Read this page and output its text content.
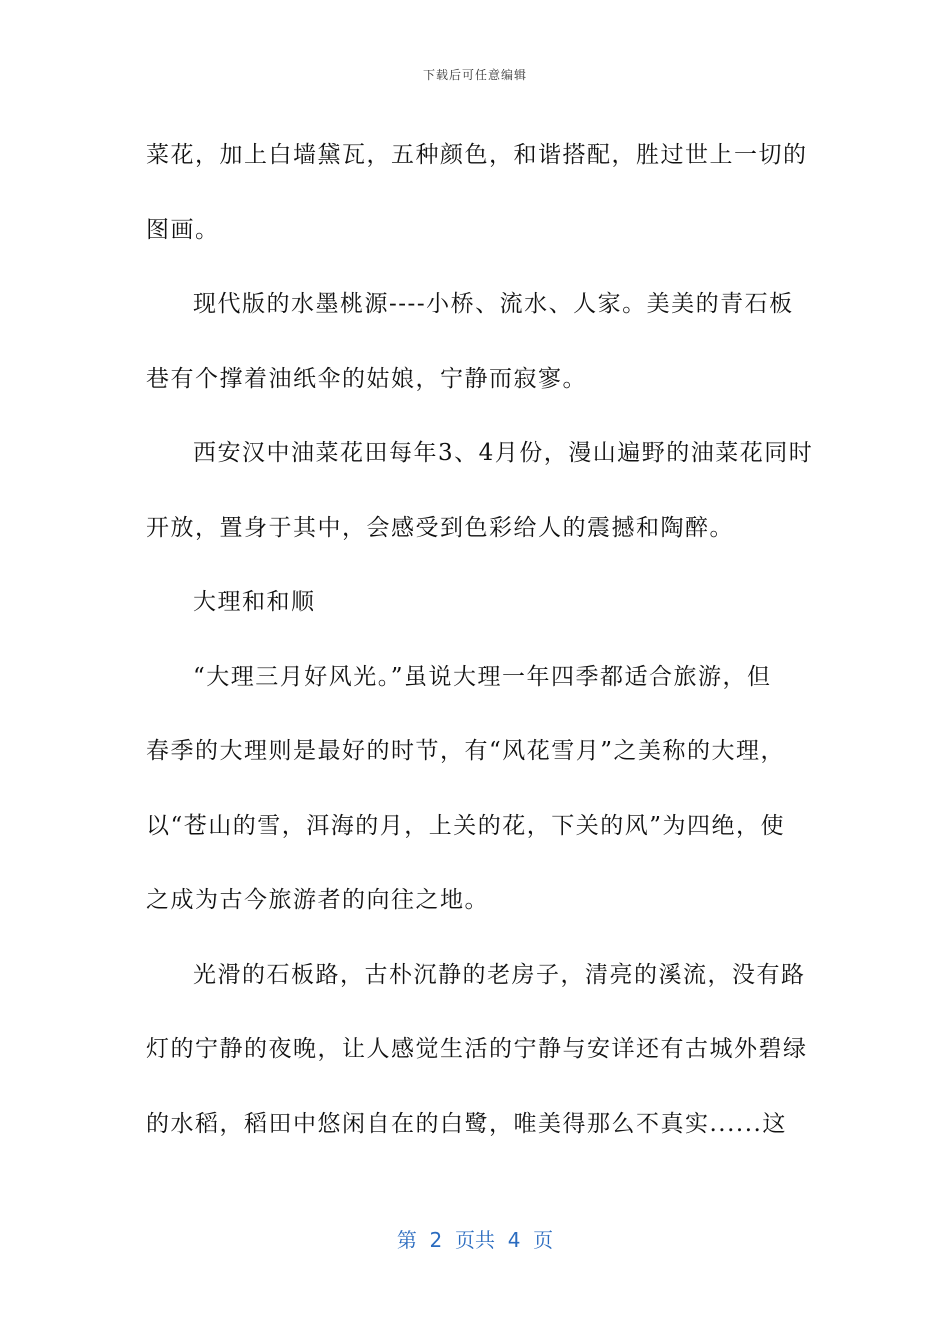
下载后可任意编辑
菜花，加上白墙黛瓦，五种颜色，和谐搭配，胜过世上一切的
图画。
现代版的水墨桃源----小桥、流水、人家。美美的青石板
巷有个撑着油纸伞的姑娘，宁静而寂寥。
西安汉中油菜花田每年3、4月份，漫山遍野的油菜花同时
开放，置身于其中，会感受到色彩给人的震撼和陶醉。
大理和和顺
“大理三月好风光。”虽说大理一年四季都适合旅游，但
春季的大理则是最好的时节，有“风花雪月”之美称的大理，
以“苍山的雪，洱海的月，上关的花，下关的风”为四绝，使
之成为古今旅游者的向往之地。
光滑的石板路，古朴沉静的老房子，清亮的溪流，没有路
灯的宁静的夜晚，让人感觉生活的宁静与安详还有古城外碧绿
的水稻，稻田中悠闲自在的白鹭，唯美得那么不真实......这
第  2  页共  4  页
